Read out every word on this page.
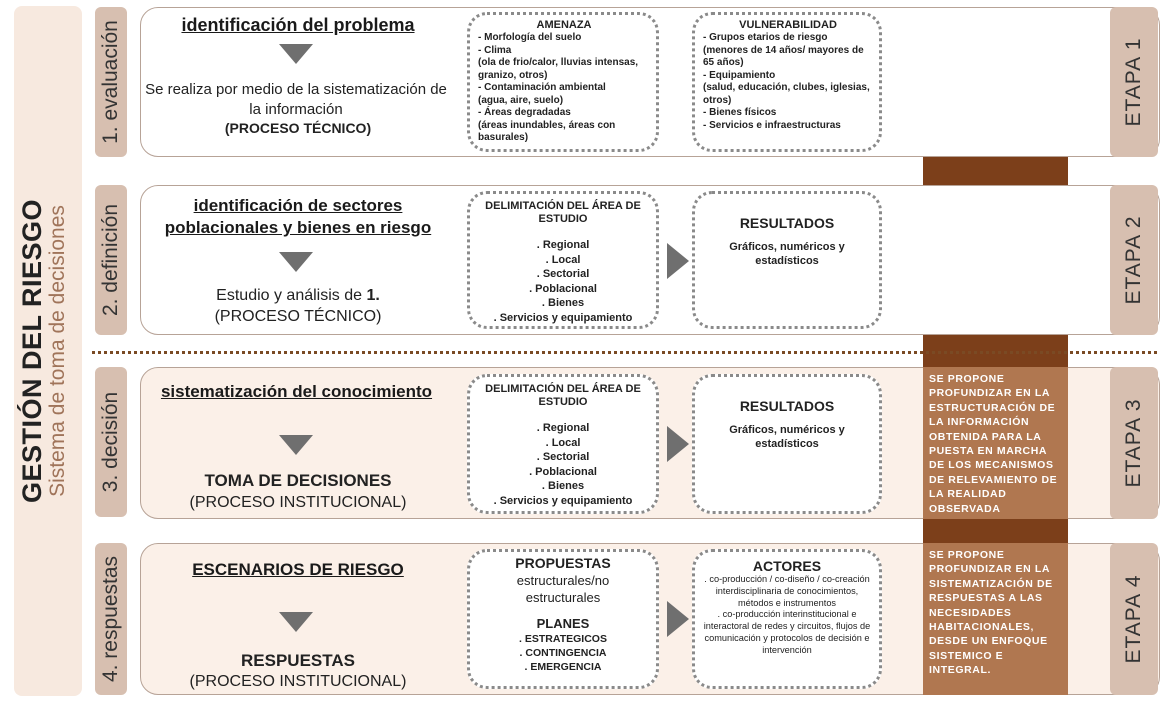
GESTIÓN DEL RIESGO Sistema de toma de decisiones
1. evaluación
2. definición
3. decisión
4. respuestas
identificación del problema
Se realiza por medio de la sistematización de la información
(PROCESO TÉCNICO)
AMENAZA
- Morfología del suelo
- Clima
(ola de frio/calor, lluvias intensas, granizo, otros)
- Contaminación ambiental
(agua, aire, suelo)
- Áreas degradadas
(áreas inundables, áreas con basurales)
VULNERABILIDAD
- Grupos etarios de riesgo
(menores de 14 años/ mayores de 65 años)
- Equipamiento
(salud, educación, clubes, iglesias, otros)
- Bienes físicos
- Servicios e infraestructuras
SE OBTIENE EL INDICE DE RIESGO HABITACIONAL, EL CUAL PERMITIÓ RECONOCER CUALES SON LOS SECTORES URBANOS Y POBLACIONALES DE MAYOR RIESGO
identificación de sectores poblacionales y bienes en riesgo
Estudio y análisis de 1.
(PROCESO TÉCNICO)
DELIMITACIÓN DEL ÁREA DE ESTUDIO
. Regional
. Local
. Sectorial
. Poblacional
. Bienes
. Servicios y equipamiento
RESULTADOS
Gráficos, numéricos y estadísticos
SE IDENTIFICAN LOS BARRIOS POPULARES DE MAYOR VULNERABILIDAD SOCIO-HABITACIONAL, ASI COMO SUS CARACTERISTICAS INTRINSECAS
sistematización del conocimiento
TOMA DE DECISIONES
(PROCESO INSTITUCIONAL)
DELIMITACIÓN DEL ÁREA DE ESTUDIO
. Regional
. Local
. Sectorial
. Poblacional
. Bienes
. Servicios y equipamiento
RESULTADOS
Gráficos, numéricos y estadísticos
SE PROPONE PROFUNDIZAR EN LA ESTRUCTURACIÓN DE LA INFORMACIÓN OBTENIDA PARA LA PUESTA EN MARCHA DE LOS MECANISMOS DE RELEVAMIENTO DE LA REALIDAD OBSERVADA
ESCENARIOS DE RIESGO
RESPUESTAS
(PROCESO INSTITUCIONAL)
PROPUESTAS
estructurales/no estructurales
PLANES
. ESTRATEGICOS
. CONTINGENCIA
. EMERGENCIA
ACTORES
. co-producción / co-diseño / co-creación interdisciplinaria de conocimientos, métodos e instrumentos
. co-producción interinstitucional e interactoral de redes y circuitos, flujos de comunicación y protocolos de decisión e intervención
SE PROPONE PROFUNDIZAR EN LA SISTEMATIZACIÓN DE RESPUESTAS A LAS NECESIDADES HABITACIONALES, DESDE UN ENFOQUE SISTEMICO E INTEGRAL.
ETAPA 1
ETAPA 2
ETAPA 3
ETAPA 4
